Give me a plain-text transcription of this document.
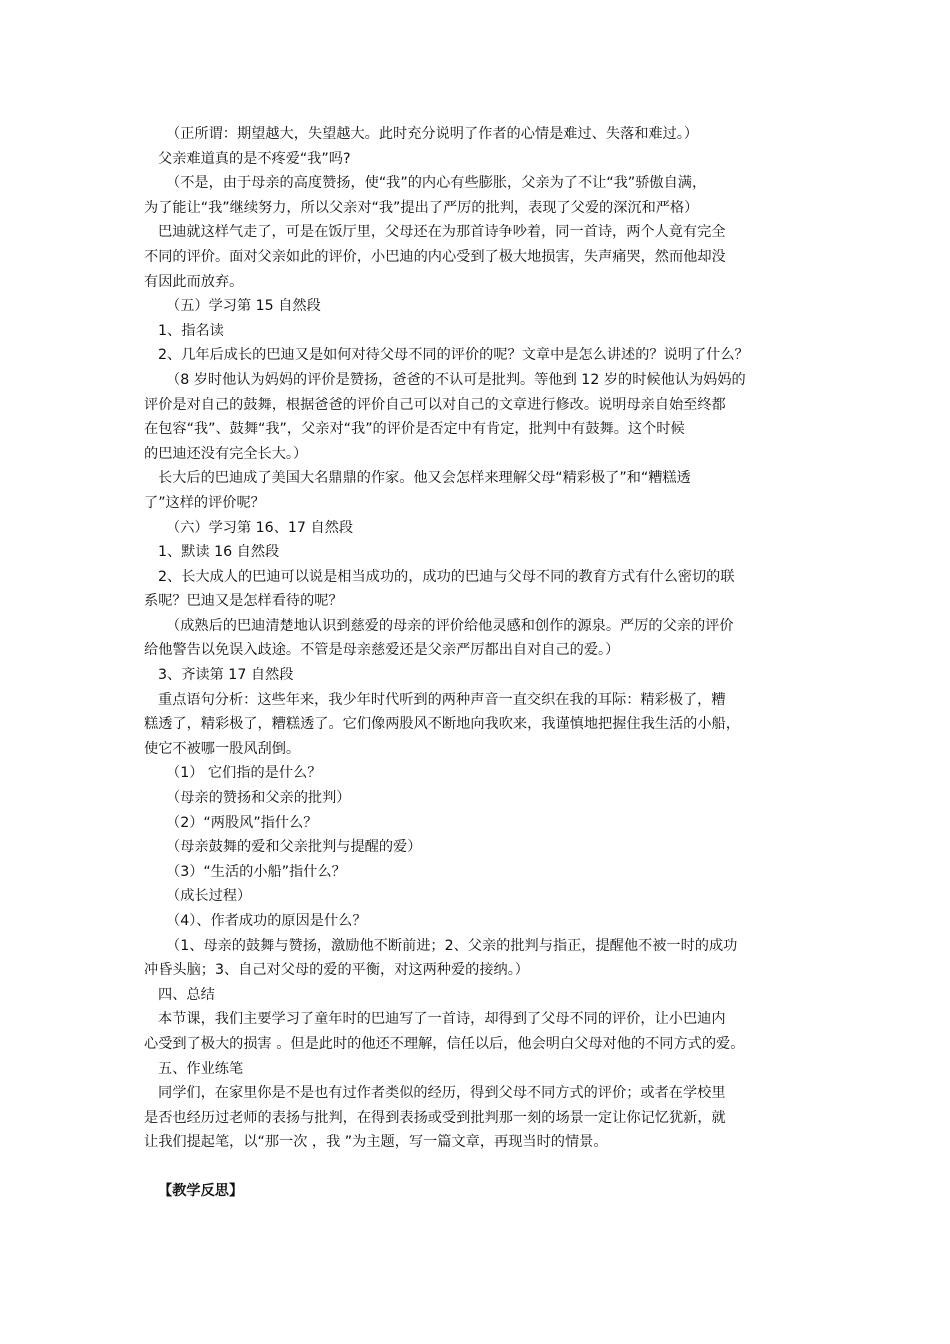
（正所谓：期望越大，失望越大。此时充分说明了作者的心情是难过、失落和难过。）
父亲难道真的是不疼爱“我”吗?
（不是，由于母亲的高度赞扬，使“我”的内心有些膨胀，父亲为了不让“我”骄傲自满，
为了能让“我”继续努力，所以父亲对“我”提出了严厉的批判，表现了父爱的深沉和严格）
巴迪就这样气走了，可是在饭厅里，父母还在为那首诗争吵着，同一首诗，两个人竟有完全
不同的评价。面对父亲如此的评价，小巴迪的内心受到了极大地损害，失声痛哭，然而他却没
有因此而放弃。
（五）学习第 15 自然段
1、指名读
2、几年后成长的巴迪又是如何对待父母不同的评价的呢？文章中是怎么讲述的？说明了什么？
（8 岁时他认为妈妈的评价是赞扬，爸爸的不认可是批判。等他到 12 岁的时候他认为妈妈的
评价是对自己的鼓舞，根据爸爸的评价自己可以对自己的文章进行修改。说明母亲自始至终都
在包容“我”、鼓舞“我”，父亲对“我”的评价是否定中有肯定，批判中有鼓舞。这个时候
的巴迪还没有完全长大。）
长大后的巴迪成了美国大名鼎鼎的作家。他又会怎样来理解父母“精彩极了”和“糟糕透
了”这样的评价呢？
（六）学习第 16、17 自然段
1、默读 16 自然段
2、长大成人的巴迪可以说是相当成功的，成功的巴迪与父母不同的教育方式有什么密切的联
系呢？巴迪又是怎样看待的呢？
（成熟后的巴迪清楚地认识到慈爱的母亲的评价给他灵感和创作的源泉。严厉的父亲的评价
给他警告以免误入歧途。不管是母亲慈爱还是父亲严厉都出自对自己的爱。）
3、齐读第 17 自然段
重点语句分析：这些年来，我少年时代听到的两种声音一直交织在我的耳际：精彩极了，糟
糕透了，精彩极了，糟糕透了。它们像两股风不断地向我吹来，我谨慎地把握住我生活的小船，
使它不被哪一股风刮倒。
（1） 它们指的是什么？
（母亲的赞扬和父亲的批判）
（2）“两股风”指什么？
（母亲鼓舞的爱和父亲批判与提醒的爱）
（3）“生活的小船”指什么？
（成长过程）
（4）、作者成功的原因是什么？
（1、母亲的鼓舞与赞扬，激励他不断前进；2、父亲的批判与指正，提醒他不被一时的成功
冲昏头脑；3、自己对父母的爱的平衡，对这两种爱的接纳。）
四、总结
本节课，我们主要学习了童年时的巴迪写了一首诗，却得到了父母不同的评价，让小巴迪内
心受到了极大的损害 。但是此时的他还不理解，信任以后，他会明白父母对他的不同方式的爱。
五、作业练笔
同学们，在家里你是不是也有过作者类似的经历，得到父母不同方式的评价；或者在学校里
是否也经历过老师的表扬与批判，在得到表扬或受到批判那一刻的场景一定让你记忆犹新，就
让我们提起笔，以“那一次 ，我 ”为主题，写一篇文章，再现当时的情景。
【教学反思】
